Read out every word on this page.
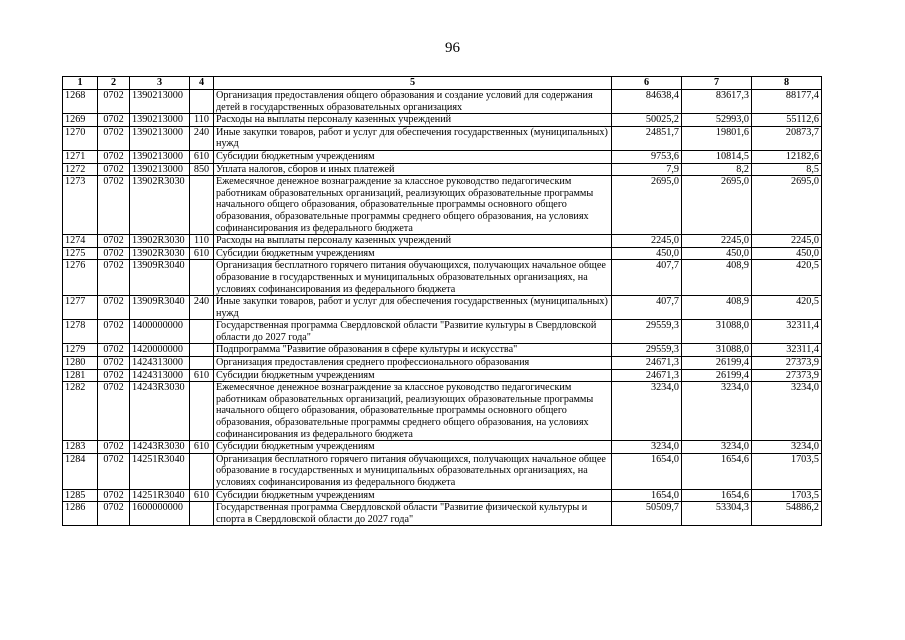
96
1	2	3	4	5	6	7	8
1268	0702	1390213000		Организация предоставления общего образования и создание условий для содержания детей в государственных образовательных организациях	84638,4	83617,3	88177,4
1269	0702	1390213000	110	Расходы на выплаты персоналу казенных учреждений	50025,2	52993,0	55112,6
1270	0702	1390213000	240	Иные закупки товаров, работ и услуг для обеспечения государственных (муниципальных) нужд	24851,7	19801,6	20873,7
1271	0702	1390213000	610	Субсидии бюджетным учреждениям	9753,6	10814,5	12182,6
1272	0702	1390213000	850	Уплата налогов, сборов и иных платежей	7,9	8,2	8,5
1273	0702	13902R3030		Ежемесячное денежное вознаграждение за классное руководство педагогическим работникам образовательных организаций, реализующих образовательные программы начального общего образования, образовательные программы основного общего образования, образовательные программы среднего общего образования, на условиях софинансирования из федерального бюджета	2695,0	2695,0	2695,0
1274	0702	13902R3030	110	Расходы на выплаты персоналу казенных учреждений	2245,0	2245,0	2245,0
1275	0702	13902R3030	610	Субсидии бюджетным учреждениям	450,0	450,0	450,0
1276	0702	13909R3040		Организация бесплатного горячего питания обучающихся, получающих начальное общее образование в государственных и муниципальных образовательных организациях, на условиях софинансирования из федерального бюджета	407,7	408,9	420,5
1277	0702	13909R3040	240	Иные закупки товаров, работ и услуг для обеспечения государственных (муниципальных) нужд	407,7	408,9	420,5
1278	0702	1400000000		Государственная программа Свердловской области "Развитие культуры в Свердловской области до 2027 года"	29559,3	31088,0	32311,4
1279	0702	1420000000		Подпрограмма "Развитие образования в сфере культуры и искусства"	29559,3	31088,0	32311,4
1280	0702	1424313000		Организация предоставления среднего профессионального образования	24671,3	26199,4	27373,9
1281	0702	1424313000	610	Субсидии бюджетным учреждениям	24671,3	26199,4	27373,9
1282	0702	14243R3030		Ежемесячное денежное вознаграждение за классное руководство педагогическим работникам образовательных организаций, реализующих образовательные программы начального общего образования, образовательные программы основного общего образования, образовательные программы среднего общего образования, на условиях софинансирования из федерального бюджета	3234,0	3234,0	3234,0
1283	0702	14243R3030	610	Субсидии бюджетным учреждениям	3234,0	3234,0	3234,0
1284	0702	14251R3040		Организация бесплатного горячего питания обучающихся, получающих начальное общее образование в государственных и муниципальных образовательных организациях, на условиях софинансирования из федерального бюджета	1654,0	1654,6	1703,5
1285	0702	14251R3040	610	Субсидии бюджетным учреждениям	1654,0	1654,6	1703,5
1286	0702	1600000000		Государственная программа Свердловской области "Развитие физической культуры и спорта в Свердловской области до 2027 года"	50509,7	53304,3	54886,2
